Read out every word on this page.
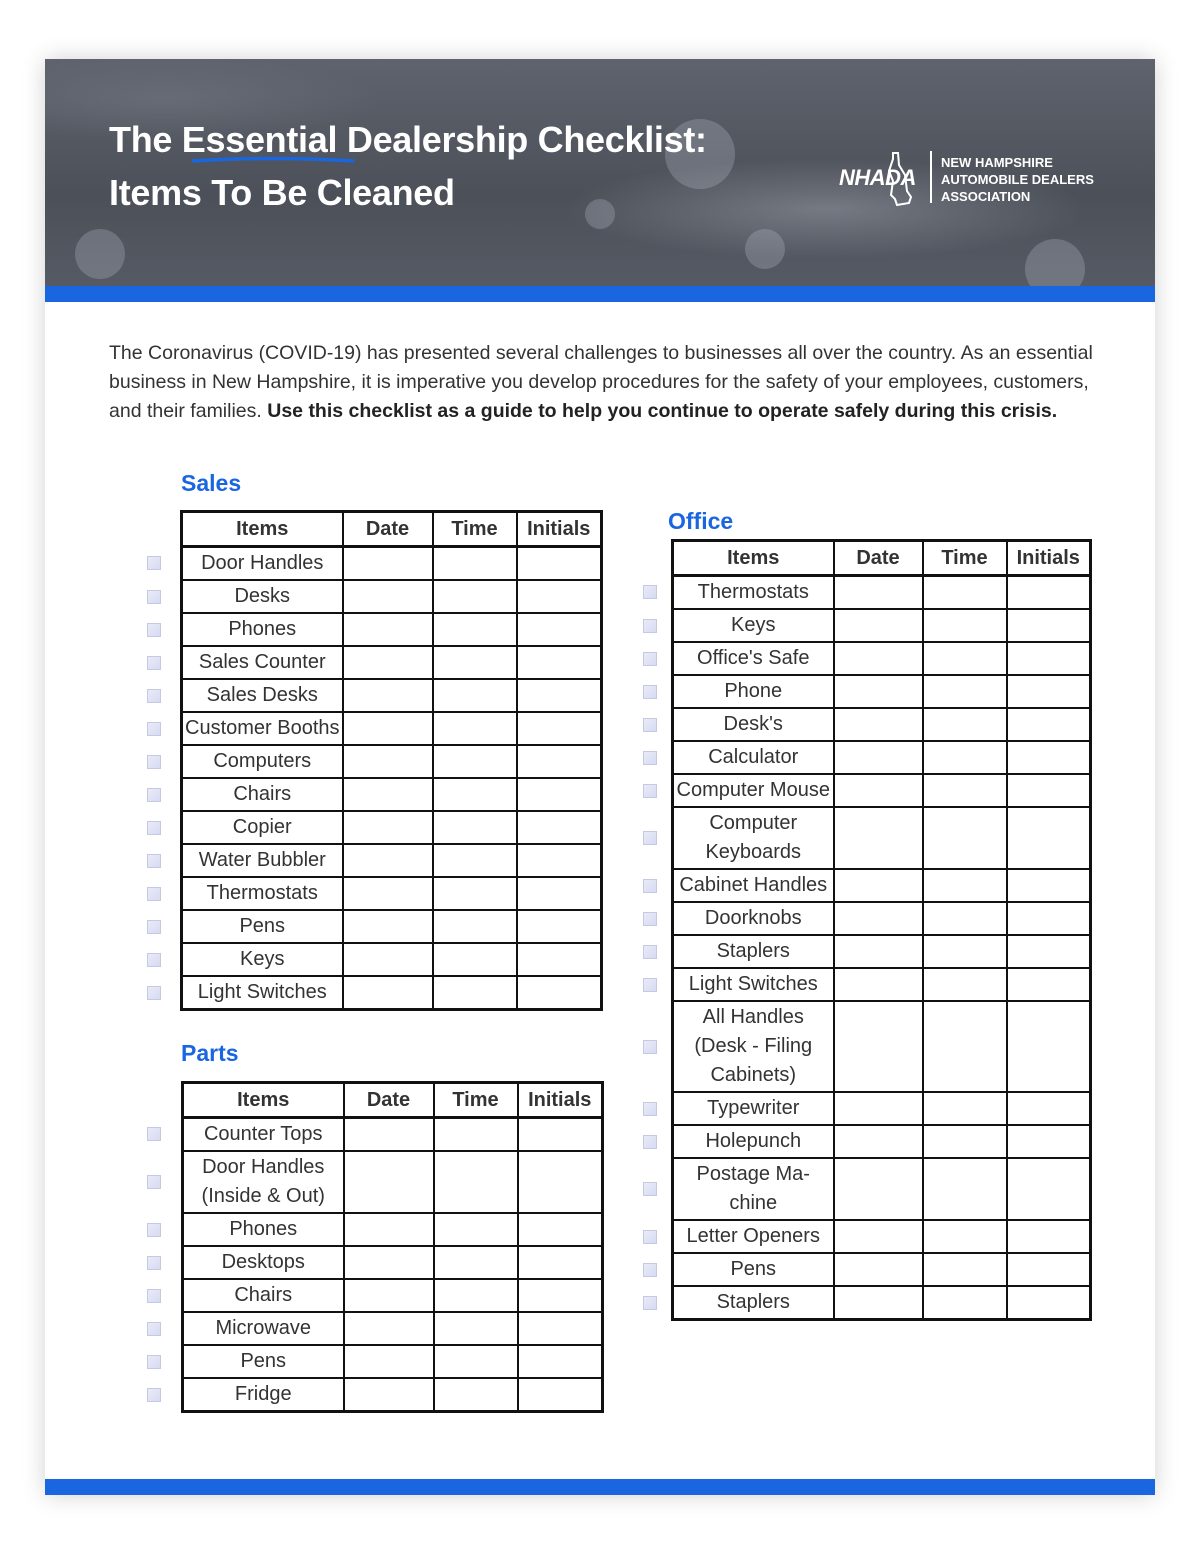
The Essential Dealership Checklist:
Items To Be Cleaned	NHADA
NEW HAMPSHIRE
AUTOMOBILE DEALERS
ASSOCIATION
The Coronavirus (COVID-19) has presented several challenges to businesses all over the country. As an essential business in New Hampshire, it is imperative you develop procedures for the safety of your employees, customers, and their families. Use this checklist as a guide to help you continue to operate safely during this crisis.
Sales
Items	Date	Time	Initials
Door Handles			
Desks			
Phones			
Sales Counter			
Sales Desks			
Customer Booths			
Computers			
Chairs			
Copier			
Water Bubbler			
Thermostats			
Pens			
Keys			
Light Switches			
Parts
Items	Date	Time	Initials
Counter Tops			
Door Handles (Inside & Out)			
Phones			
Desktops			
Chairs			
Microwave			
Pens			
Fridge			
Office
Items	Date	Time	Initials
Thermostats			
Keys			
Office's Safe			
Phone			
Desk's			
Calculator			
Computer Mouse			
Computer Keyboards			
Cabinet Handles			
Doorknobs			
Staplers			
Light Switches			
All Handles (Desk - Filing Cabinets)			
Typewriter			
Holepunch			
Postage Ma-chine			
Letter Openers			
Pens			
Staplers			
